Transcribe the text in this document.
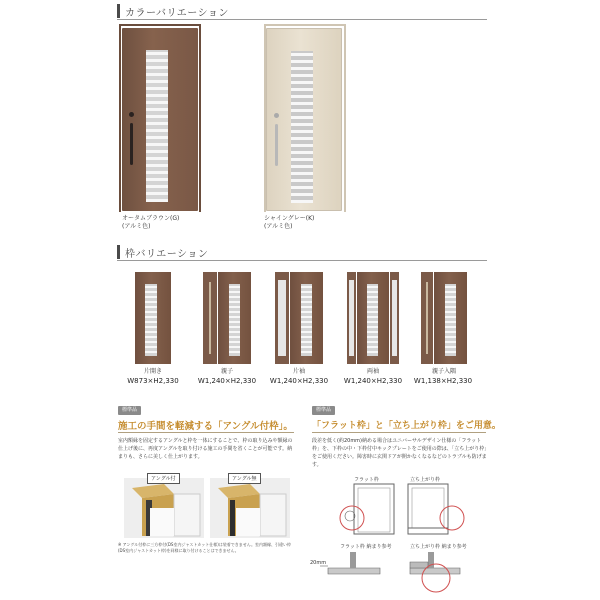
カラーバリエーション
オータムブラウン(G)
(アルミ色)
シャイングレー(K)
(アルミ色)
枠バリエーション
片開き
W873×H2,330
親子
W1,240×H2,330
片袖
W1,240×H2,330
両袖
W1,240×H2,330
親子入隅
W1,138×H2,330
標準品
施工の手間を軽減する「アングル付枠」。
室内額縁を固定するアングルと枠を一体にすることで、枠の取り込みや額縁の仕上げ後に、再度アングルを取り付ける施工の手間を省くことが可能です。納まりも、さらに美しく仕上がります。
アングル付	アングル無
※ アングル付枠に三方枠付(DS室内ジャストカット仕様)は装着できません。室内額縁、引違い枠(DS室内ジャストカット枠)を同様に取り付けることはできません。
標準品
「フラット枠」と「立ち上がり枠」をご用意。
段差を低く(約20mm)納める場合はユニバーサルデザイン仕様の「フラット枠」を、下枠の中・下枠付中キックプレートをご使用の際は、「立ち上がり枠」をご使用ください。障害時に玄関ドアが開かなくなるなどのトラブルも防げます。
フラット枠	立ち上がり枠
フラット枠 納まり参考	立ち上がり枠 納まり参考
20mm
